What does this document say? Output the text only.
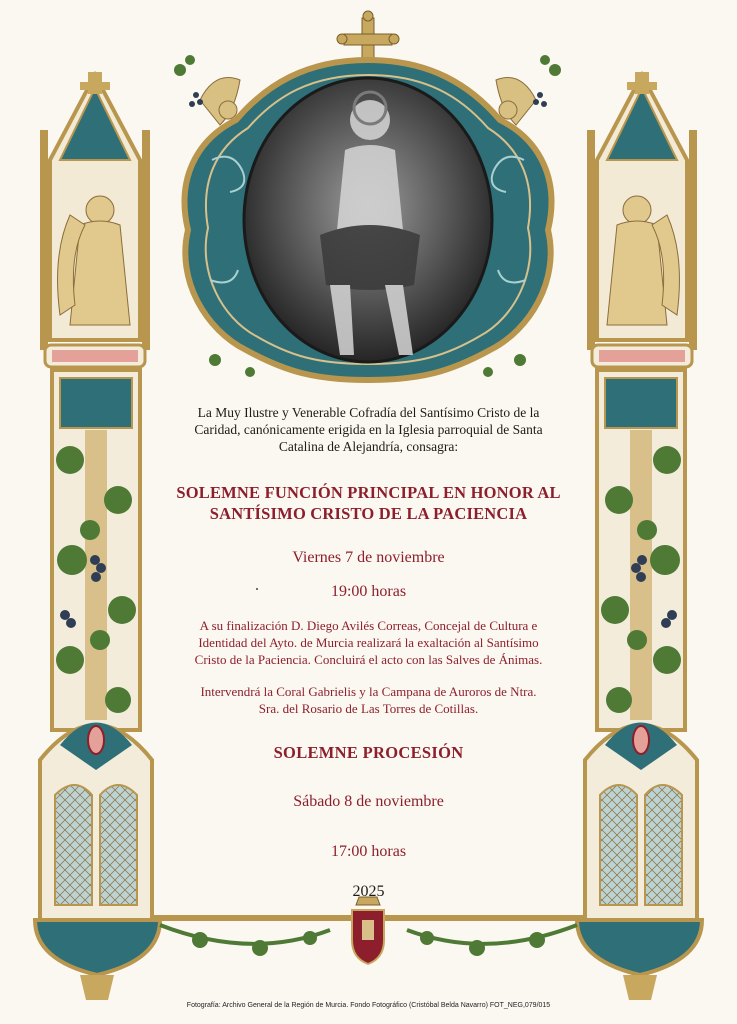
La Muy Ilustre y Venerable Cofradía del Santísimo Cristo de la
Caridad, canónicamente erigida en la Iglesia parroquial de Santa
Catalina de Alejandría, consagra:
SOLEMNE FUNCIÓN PRINCIPAL EN HONOR AL
SANTÍSIMO CRISTO DE LA PACIENCIA
Viernes 7 de noviembre
19:00 horas
A su finalización D. Diego Avilés Correas, Concejal de Cultura e
Identidad del Ayto. de Murcia realizará la exaltación al Santísimo
Cristo de la Paciencia. Concluirá el acto con las Salves de Ánimas.
Intervendrá la Coral Gabrielis y la Campana de Auroros de Ntra.
Sra. del Rosario de Las Torres de Cotillas.
SOLEMNE PROCESIÓN
Sábado 8 de noviembre
17:00 horas
2025
Fotografía: Archivo General de la Región de Murcia. Fondo Fotográfico (Cristóbal Belda Navarro) FOT_NEG,079/015
